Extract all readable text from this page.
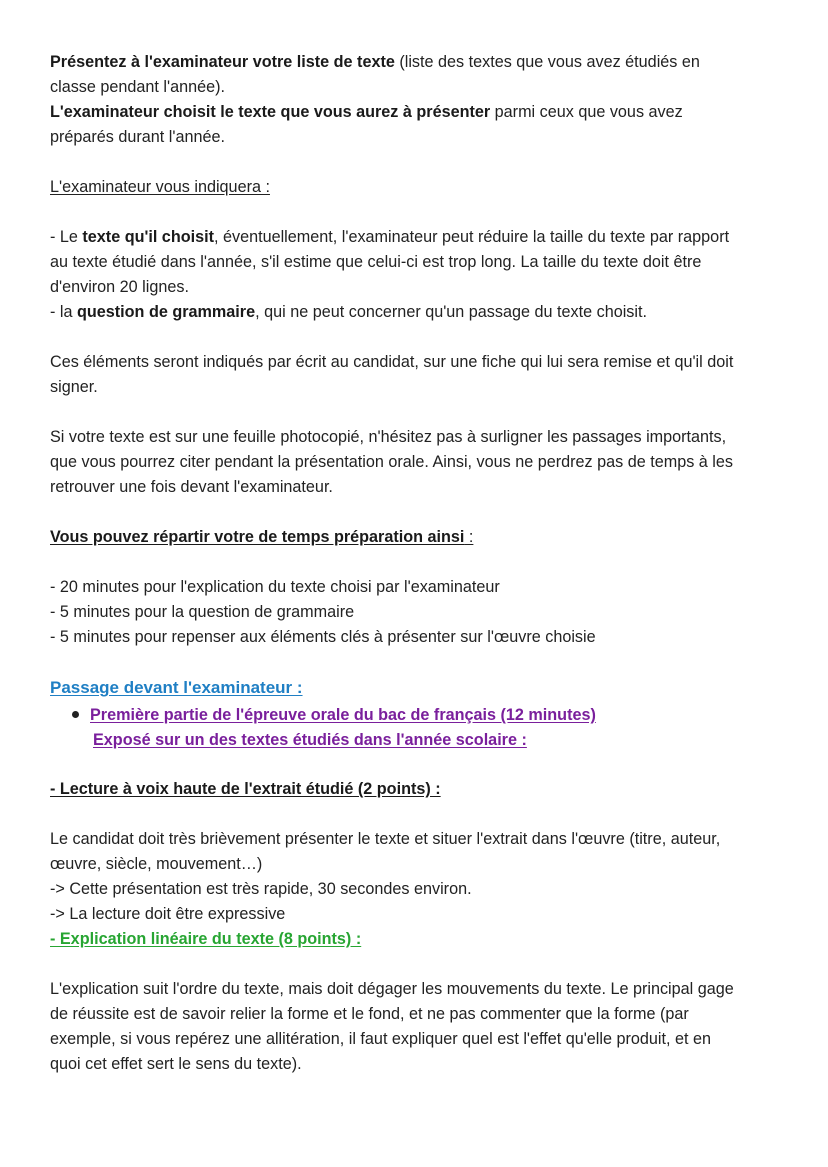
Présentez à l'examinateur votre liste de texte (liste des textes que vous avez étudiés en
classe pendant l'année).
L'examinateur choisit le texte que vous aurez à présenter parmi ceux que vous avez
préparés durant l'année.
L'examinateur vous indiquera :
- Le texte qu'il choisit, éventuellement, l'examinateur peut réduire la taille du texte par rapport
au texte étudié dans l'année, s'il estime que celui-ci est trop long. La taille du texte doit être
d'environ 20 lignes.
- la question de grammaire, qui ne peut concerner qu'un passage du texte choisit.
Ces éléments seront indiqués par écrit au candidat, sur une fiche qui lui sera remise et qu'il doit
signer.
Si votre texte est sur une feuille photocopié, n'hésitez pas à surligner les passages importants,
que vous pourrez citer pendant la présentation orale. Ainsi, vous ne perdrez pas de temps à les
retrouver une fois devant l'examinateur.
Vous pouvez répartir votre de temps préparation ainsi :
- 20 minutes pour l'explication du texte choisi par l'examinateur
- 5 minutes pour la question de grammaire
- 5 minutes pour repenser aux éléments clés à présenter sur l'œuvre choisie
Passage devant l'examinateur :
Première partie de l'épreuve orale du bac de français (12 minutes)
Exposé sur un des textes étudiés dans l'année scolaire :
- Lecture à voix haute de l'extrait étudié (2 points) :
Le candidat doit très brièvement présenter le texte et situer l'extrait dans l'œuvre (titre, auteur,
œuvre, siècle, mouvement…)
-> Cette présentation est très rapide, 30 secondes environ.
-> La lecture doit être expressive
- Explication linéaire du texte (8 points) :
L'explication suit l'ordre du texte, mais doit dégager les mouvements du texte. Le principal gage
de réussite est de savoir relier la forme et le fond, et ne pas commenter que la forme (par
exemple, si vous repérez une allitération, il faut expliquer quel est l'effet qu'elle produit, et en
quoi cet effet sert le sens du texte).
